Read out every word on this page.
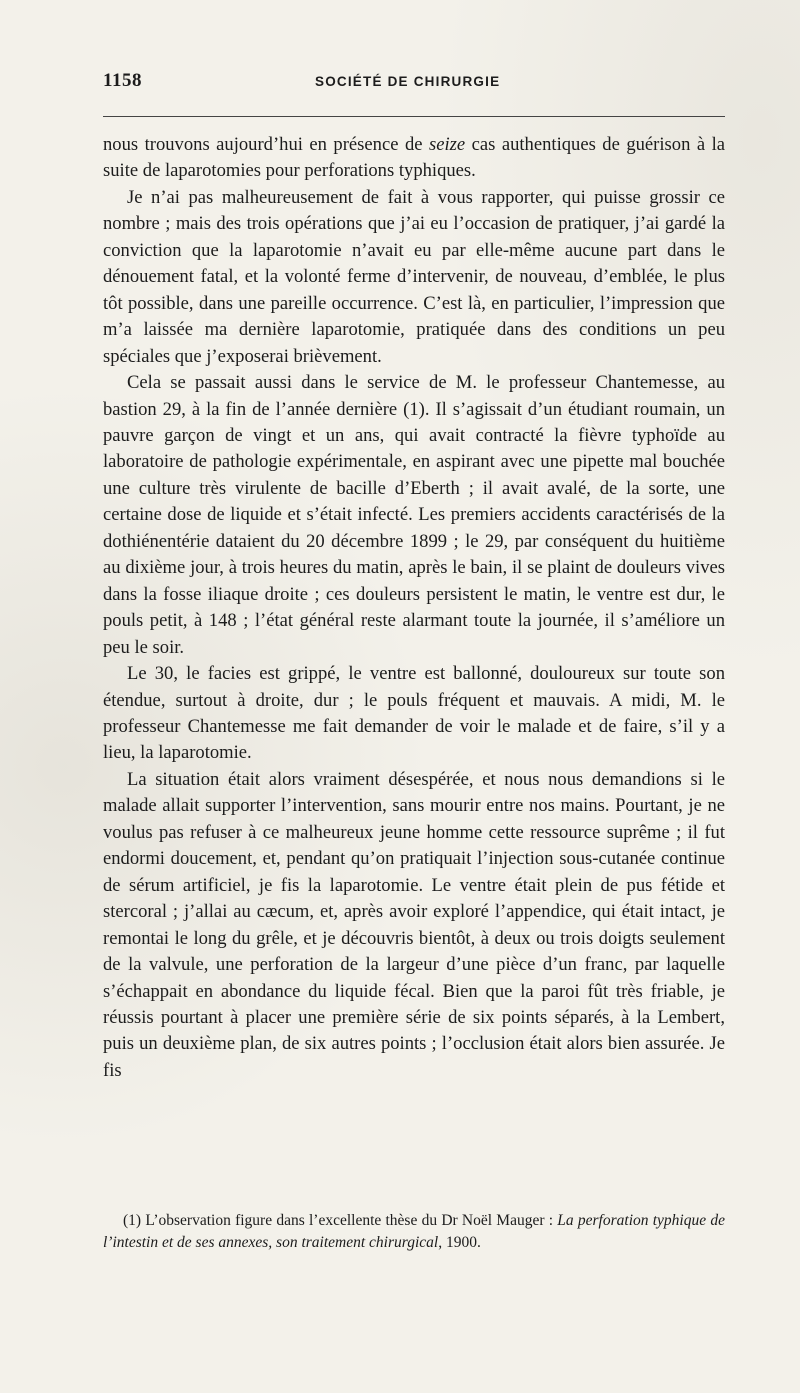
1158	SOCIÉTÉ DE CHIRURGIE

nous trouvons aujourd’hui en présence de seize cas authentiques de guérison à la suite de laparotomies pour perforations typhiques.

Je n’ai pas malheureusement de fait à vous rapporter, qui puisse grossir ce nombre ; mais des trois opérations que j’ai eu l’occasion de pratiquer, j’ai gardé la conviction que la laparotomie n’avait eu par elle-même aucune part dans le dénouement fatal, et la volonté ferme d’intervenir, de nouveau, d’emblée, le plus tôt possible, dans une pareille occurrence. C’est là, en particulier, l’impression que m’a laissée ma dernière laparotomie, pratiquée dans des conditions un peu spéciales que j’exposerai brièvement.

Cela se passait aussi dans le service de M. le professeur Chantemesse, au bastion 29, à la fin de l’année dernière (1). Il s’agissait d’un étudiant roumain, un pauvre garçon de vingt et un ans, qui avait contracté la fièvre typhoïde au laboratoire de pathologie expérimentale, en aspirant avec une pipette mal bouchée une culture très virulente de bacille d’Eberth ; il avait avalé, de la sorte, une certaine dose de liquide et s’était infecté. Les premiers accidents caractérisés de la dothiénentérie dataient du 20 décembre 1899 ; le 29, par conséquent du huitième au dixième jour, à trois heures du matin, après le bain, il se plaint de douleurs vives dans la fosse iliaque droite ; ces douleurs persistent le matin, le ventre est dur, le pouls petit, à 148 ; l’état général reste alarmant toute la journée, il s’améliore un peu le soir.

Le 30, le facies est grippé, le ventre est ballonné, douloureux sur toute son étendue, surtout à droite, dur ; le pouls fréquent et mauvais. A midi, M. le professeur Chantemesse me fait demander de voir le malade et de faire, s’il y a lieu, la laparotomie.

La situation était alors vraiment désespérée, et nous nous demandions si le malade allait supporter l’intervention, sans mourir entre nos mains. Pourtant, je ne voulus pas refuser à ce malheureux jeune homme cette ressource suprême ; il fut endormi doucement, et, pendant qu’on pratiquait l’injection sous-cutanée continue de sérum artificiel, je fis la laparotomie. Le ventre était plein de pus fétide et stercoral ; j’allai au cæcum, et, après avoir exploré l’appendice, qui était intact, je remontai le long du grêle, et je découvris bientôt, à deux ou trois doigts seulement de la valvule, une perforation de la largeur d’une pièce d’un franc, par laquelle s’échappait en abondance du liquide fécal. Bien que la paroi fût très friable, je réussis pourtant à placer une première série de six points séparés, à la Lembert, puis un deuxième plan, de six autres points ; l’occlusion était alors bien assurée. Je fis

(1) L’observation figure dans l’excellente thèse du Dr Noël Mauger : La perforation typhique de l’intestin et de ses annexes, son traitement chirurgical, 1900.
